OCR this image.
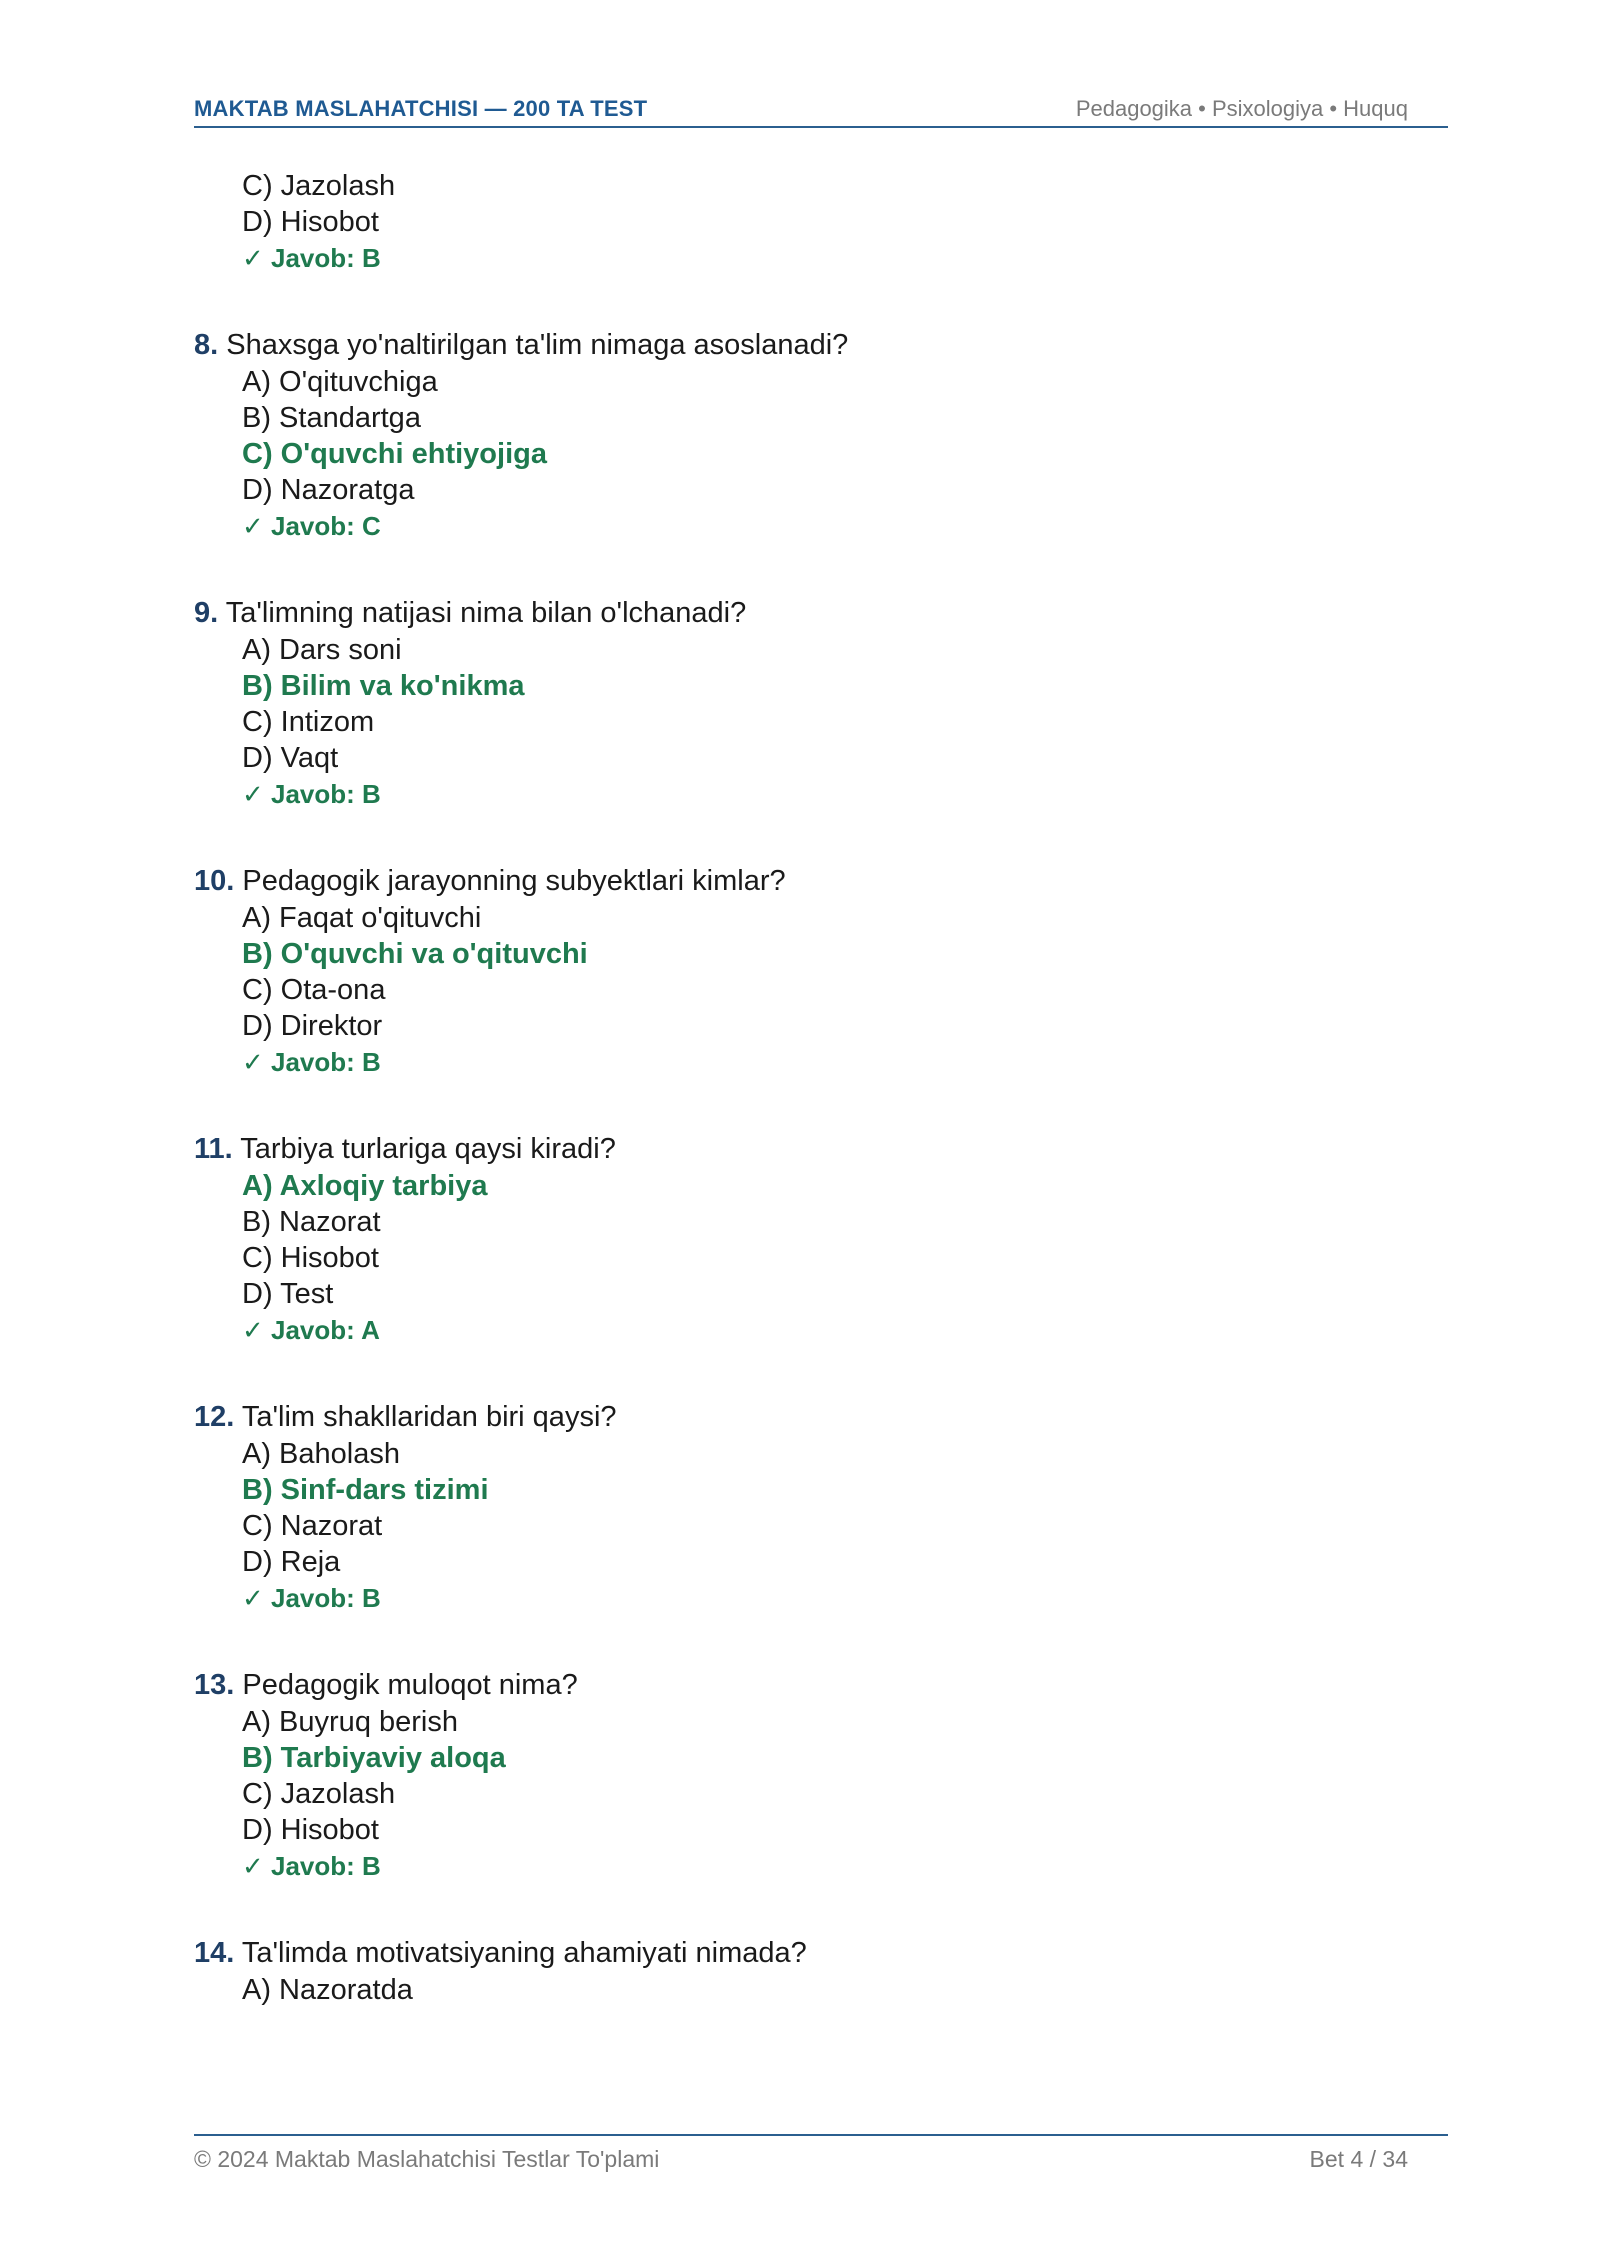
MAKTAB MASLAHATCHISI — 200 TA TEST	Pedagogika • Psixologiya • Huquq
C) Jazolash
D) Hisobot
✓ Javob: B
8. Shaxsga yo'naltirilgan ta'lim nimaga asoslanadi?
A) O'qituvchiga
B) Standartga
C) O'quvchi ehtiyojiga
D) Nazoratga
✓ Javob: C
9. Ta'limning natijasi nima bilan o'lchanadi?
A) Dars soni
B) Bilim va ko'nikma
C) Intizom
D) Vaqt
✓ Javob: B
10. Pedagogik jarayonning subyektlari kimlar?
A) Faqat o'qituvchi
B) O'quvchi va o'qituvchi
C) Ota-ona
D) Direktor
✓ Javob: B
11. Tarbiya turlariga qaysi kiradi?
A) Axloqiy tarbiya
B) Nazorat
C) Hisobot
D) Test
✓ Javob: A
12. Ta'lim shakllaridan biri qaysi?
A) Baholash
B) Sinf-dars tizimi
C) Nazorat
D) Reja
✓ Javob: B
13. Pedagogik muloqot nima?
A) Buyruq berish
B) Tarbiyaviy aloqa
C) Jazolash
D) Hisobot
✓ Javob: B
14. Ta'limda motivatsiyaning ahamiyati nimada?
A) Nazoratda
© 2024 Maktab Maslahatchisi Testlar To'plami	Bet 4 / 34
